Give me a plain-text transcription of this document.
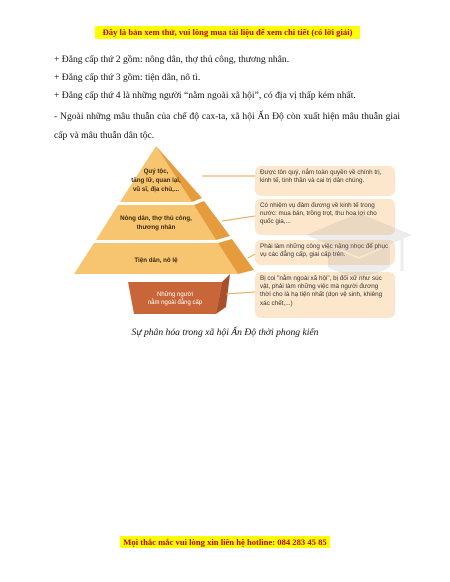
Đây là bản xem thử, vui lòng mua tài liệu để xem chi tiết (có lời giải)
+ Đẳng cấp thứ 2 gồm: nông dân, thợ thủ công, thương nhân.
+ Đẳng cấp thứ 3 gồm: tiện dân, nô tì.
+ Đẳng cấp thứ 4 là những người “nằm ngoài xã hội”, có địa vị thấp kém nhất.
- Ngoài những mâu thuẫn của chế độ cax-ta, xã hội Ấn Độ còn xuất hiện mâu thuẫn giai cấp và mâu thuẫn dân tộc.
Quý tộc,
tăng lữ, quan lại,
vũ sĩ, địa chủ,...
Nông dân, thợ thủ công,
thương nhân
Tiện dân, nô lệ
Những người
nằm ngoài đẳng cấp
Được tôn quý, nắm toàn quyền về chính trị, kinh tế, tinh thần và cai trị dân chúng.
Có nhiệm vụ đảm đương về kinh tế trong nước: mua bán, trồng trọt, thu hoa lợi cho quốc gia,...
Phải làm những công việc nặng nhọc để phục vụ các đẳng cấp, giai cấp trên.
Bị coi "nằm ngoài xã hội", bị đối xử như súc vật, phải làm những việc mà người đương thời cho là hạ tiện nhất (dọn vệ sinh, khiêng xác chết,...)
Sự phân hóa trong xã hội Ấn Độ thời phong kiến
Mọi thắc mắc vui lòng xin liên hệ hotline: 084 283 45 85
